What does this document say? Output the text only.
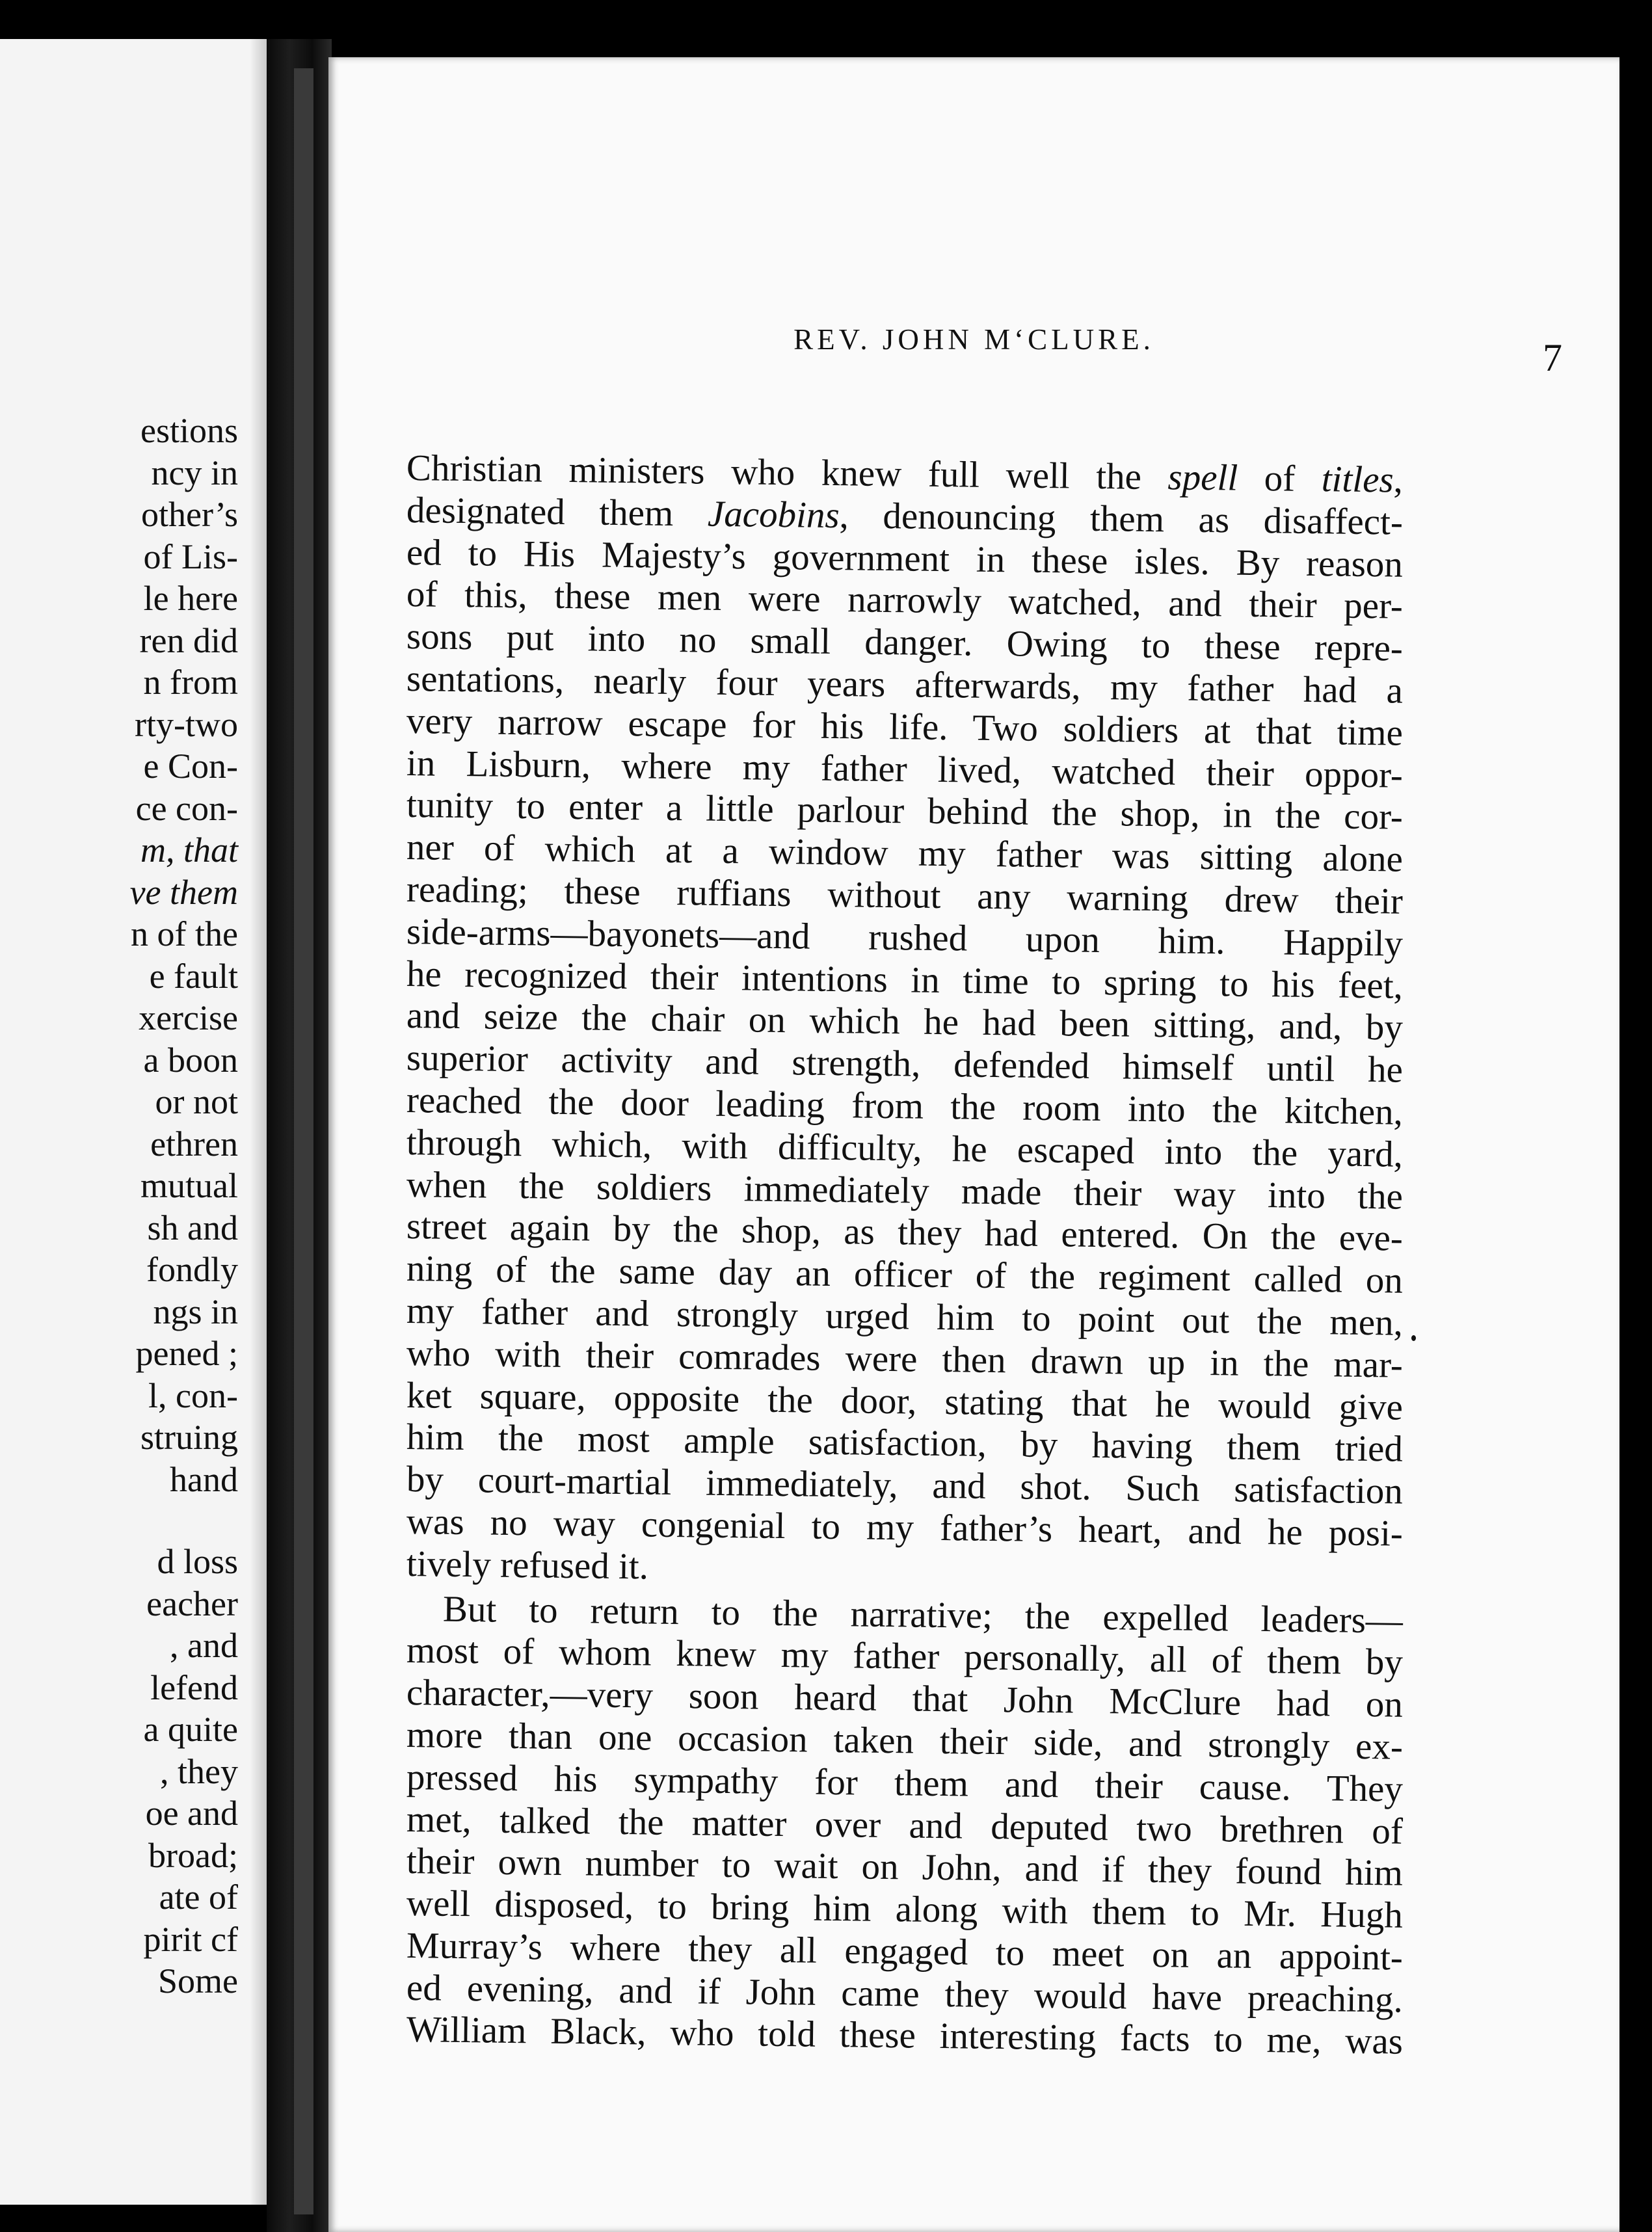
estions
ncy in
other’s
of Lis-
le here
ren did
n from
rty-two
e Con-
ce con-
m, that
ve them
n of the
e fault
xercise
a boon
or not
ethren
mutual
sh and
fondly
ngs in
pened ;
l, con-
struing
hand
d loss
eacher
, and
lefend
a quite
, they
oe and
broad;
ate of
pirit cf
Some
REV. JOHN M‘CLURE.	7
Christian ministers who knew full well the spell of titles,
designated them Jacobins, denouncing them as disaffect-
ed to His Majesty’s government in these isles. By reason
of this, these men were narrowly watched, and their per-
sons put into no small danger. Owing to these repre-
sentations, nearly four years afterwards, my father had a
very narrow escape for his life. Two soldiers at that time
in Lisburn, where my father lived, watched their oppor-
tunity to enter a little parlour behind the shop, in the cor-
ner of which at a window my father was sitting alone
reading; these ruffians without any warning drew their
side-arms—bayonets—and rushed upon him. Happily
he recognized their intentions in time to spring to his feet,
and seize the chair on which he had been sitting, and, by
superior activity and strength, defended himself until he
reached the door leading from the room into the kitchen,
through which, with difficulty, he escaped into the yard,
when the soldiers immediately made their way into the
street again by the shop, as they had entered. On the eve-
ning of the same day an officer of the regiment called on
my father and strongly urged him to point out the men,
who with their comrades were then drawn up in the mar-
ket square, opposite the door, stating that he would give
him the most ample satisfaction, by having them tried
by court-martial immediately, and shot. Such satisfaction
was no way congenial to my father’s heart, and he posi-
tively refused it.
But to return to the narrative; the expelled leaders—
most of whom knew my father personally, all of them by
character,—very soon heard that John McClure had on
more than one occasion taken their side, and strongly ex-
pressed his sympathy for them and their cause. They
met, talked the matter over and deputed two brethren of
their own number to wait on John, and if they found him
well disposed, to bring him along with them to Mr. Hugh
Murray’s where they all engaged to meet on an appoint-
ed evening, and if John came they would have preaching.
William Black, who told these interesting facts to me, was
